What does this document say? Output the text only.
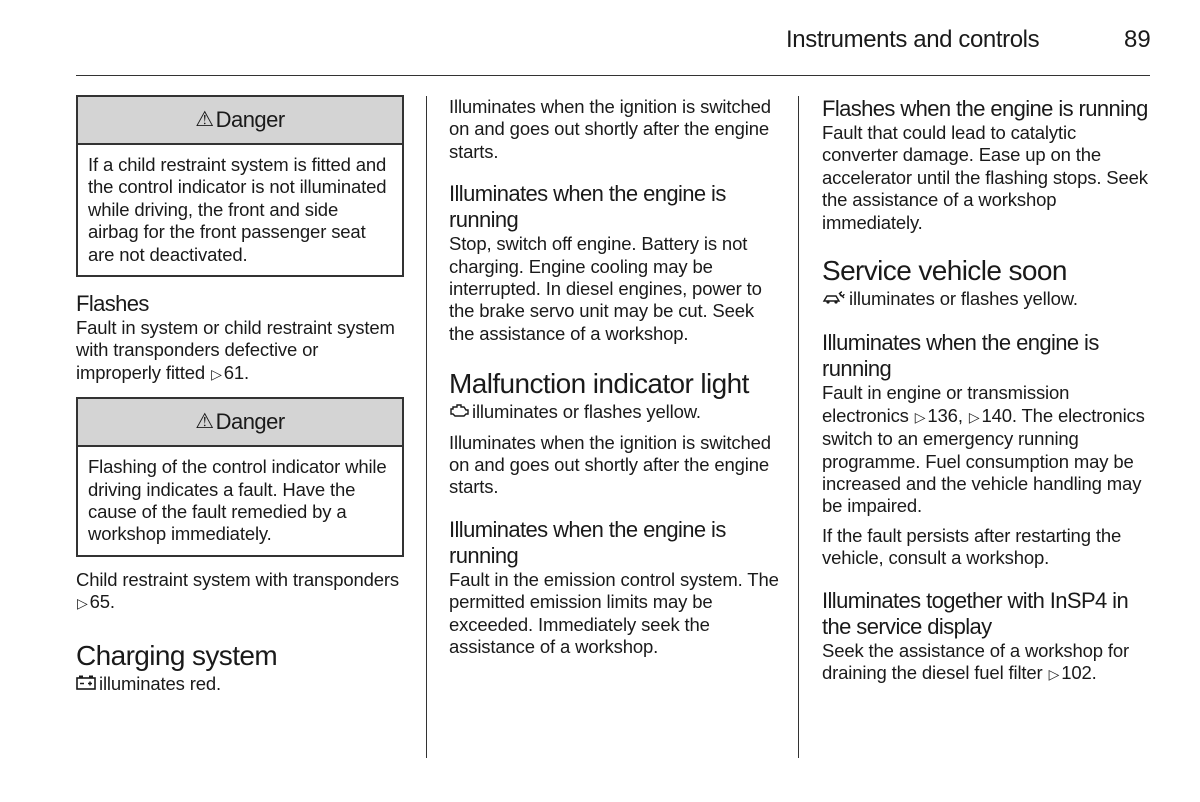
Instruments and controls	89
⚠ Danger

If a child restraint system is fitted and the control indicator is not illuminated while driving, the front and side airbag for the front passenger seat are not deactivated.

Flashes

Fault in system or child restraint system with transponders defective or improperly fitted ▷ 61.

⚠ Danger

Flashing of the control indicator while driving indicates a fault. Have the cause of the fault remedied by a workshop immediately.

Child restraint system with transponders ▷ 65.

Charging system

illuminates red.

Illuminates when the ignition is switched on and goes out shortly after the engine starts.

Illuminates when the engine is running

Stop, switch off engine. Battery is not charging. Engine cooling may be interrupted. In diesel engines, power to the brake servo unit may be cut. Seek the assistance of a workshop.

Malfunction indicator light

illuminates or flashes yellow.

Illuminates when the ignition is switched on and goes out shortly after the engine starts.

Illuminates when the engine is running

Fault in the emission control system. The permitted emission limits may be exceeded. Immediately seek the assistance of a workshop.

Flashes when the engine is running

Fault that could lead to catalytic converter damage. Ease up on the accelerator until the flashing stops. Seek the assistance of a workshop immediately.

Service vehicle soon

illuminates or flashes yellow.

Illuminates when the engine is running

Fault in engine or transmission electronics ▷ 136, ▷ 140. The electronics switch to an emergency running programme. Fuel consumption may be increased and the vehicle handling may be impaired.

If the fault persists after restarting the vehicle, consult a workshop.

Illuminates together with InSP4 in the service display

Seek the assistance of a workshop for draining the diesel fuel filter ▷ 102.
